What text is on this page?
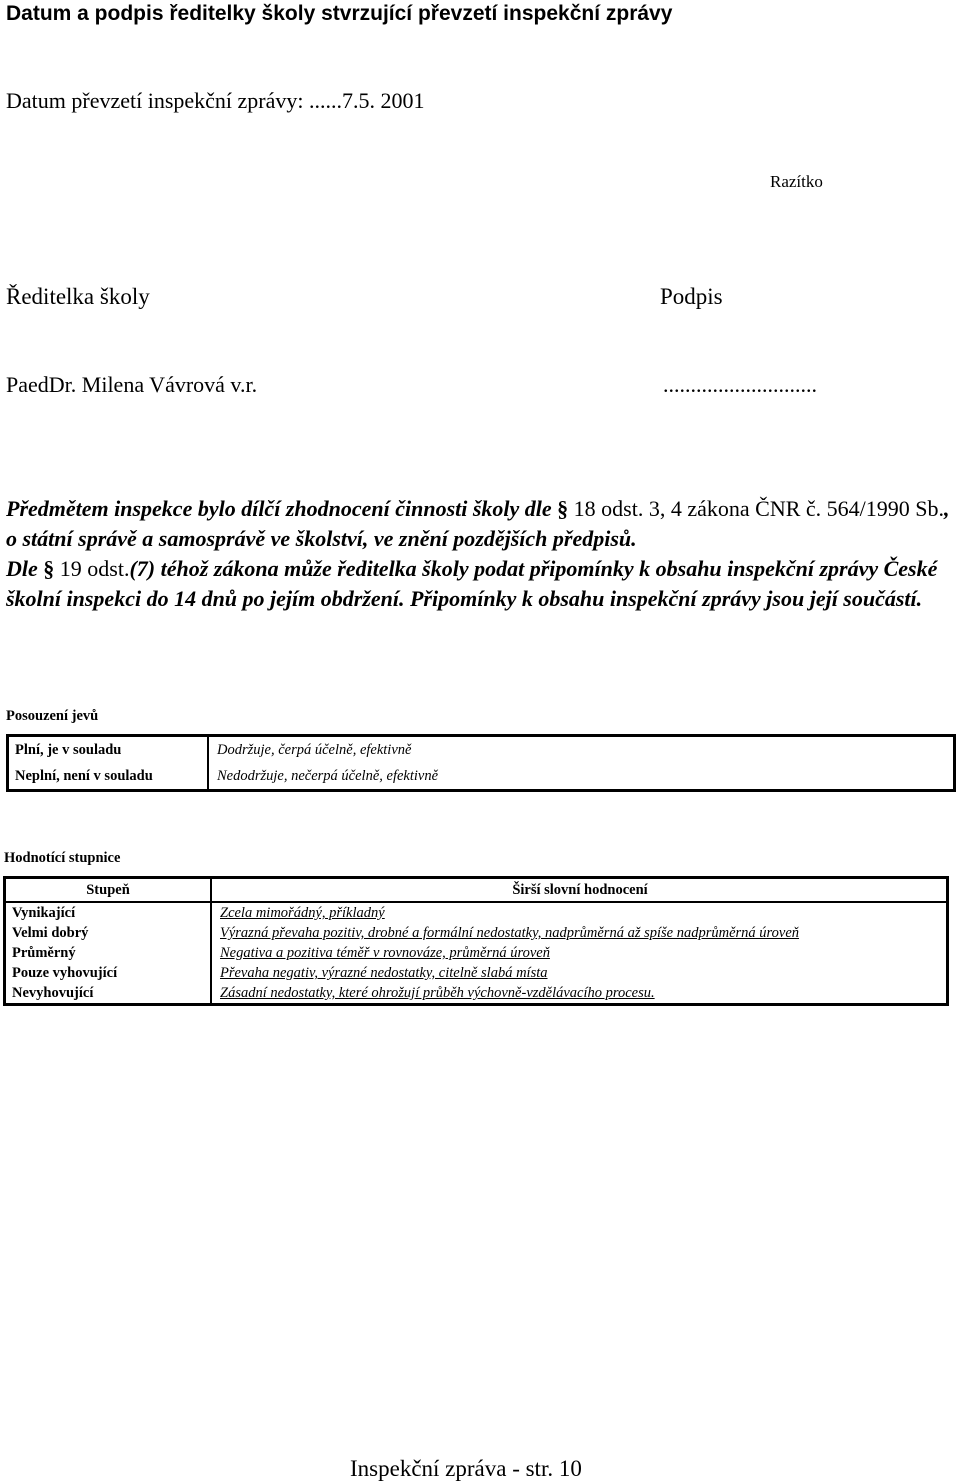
Datum a podpis ředitelky školy stvrzující převzetí inspekční zprávy
Datum převzetí inspekční zprávy: ......7.5. 2001
Razítko
Ředitelka školy	Podpis
PaedDr. Milena Vávrová v.r.	............................
Předmětem inspekce bylo dílčí zhodnocení činnosti školy dle § 18 odst. 3, 4 zákona ČNR č. 564/1990 Sb., o státní správě a samosprávě ve školství, ve znění pozdějších předpisů.
Dle § 19 odst.(7) téhož zákona může ředitelka školy podat připomínky k obsahu inspekční zprávy České školní inspekci do 14 dnů po jejím obdržení. Připomínky k obsahu inspekční zprávy jsou její součástí.
Posouzení jevů
Plní, je v souladu	Dodržuje, čerpá účelně, efektivně
Neplní, není v souladu	Nedodržuje, nečerpá účelně, efektivně
Hodnotící stupnice
Stupeň	Širší slovní hodnocení
Vynikající	Zcela mimořádný, příkladný
Velmi dobrý	Výrazná převaha pozitiv, drobné a formální nedostatky, nadprůměrná až spíše nadprůměrná úroveň
Průměrný	Negativa a pozitiva téměř v rovnováze, průměrná úroveň
Pouze vyhovující	Převaha negativ, výrazné nedostatky, citelně slabá místa
Nevyhovující	Zásadní nedostatky, které ohrožují průběh výchovně-vzdělávacího procesu.
Inspekční zpráva - str. 10
